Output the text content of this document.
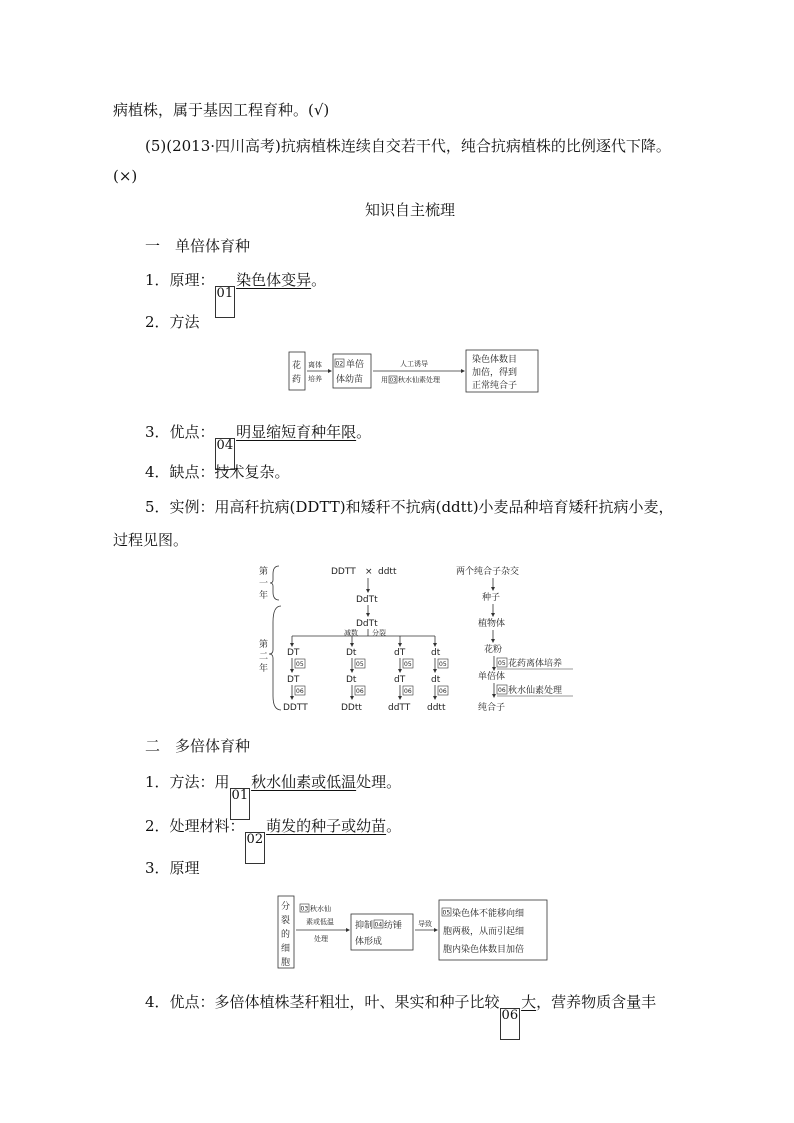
病植株，属于基因工程育种。(√)
(5)(2013·四川高考)抗病植株连续自交若干代，纯合抗病植株的比例逐代下降。
(×)
知识自主梳理
一　单倍体育种
1．原理：01染色体变异。
2．方法
花
药
离体
培养
02 单倍
体幼苗
人工诱导
用 03 秋水仙素处理
染色体数目
加倍，得到
正常纯合子
3．优点：04明显缩短育种年限。
4．缺点：技术复杂。
5．实例：用高秆抗病(DDTT)和矮秆不抗病(ddtt)小麦品种培育矮秆抗病小麦，
过程见图。
第
一
年
第
二
年
DDTT × ddtt
DdTt
DdTt
减数 分裂
DT	Dt	dT	dt
05	05	05	05
DT	Dt	dT	dt
06	06	06	06
DDTT	DDtt	ddTT ddtt
两个纯合子杂交
种子
植物体
花粉
05 花药离体培养
单倍体
06 秋水仙素处理
纯合子
二　多倍体育种
1．方法：用01秋水仙素或低温处理。
2．处理材料：02萌发的种子或幼苗。
3．原理
分
裂
的
细
胞
03 秋水仙
素或低温
处理
抑制 04 纺锤
体形成
导致
05 染色体不能移向细
胞两极，从而引起细
胞内染色体数目加倍
4．优点：多倍体植株茎秆粗壮，叶、果实和种子比较06大，营养物质含量丰
